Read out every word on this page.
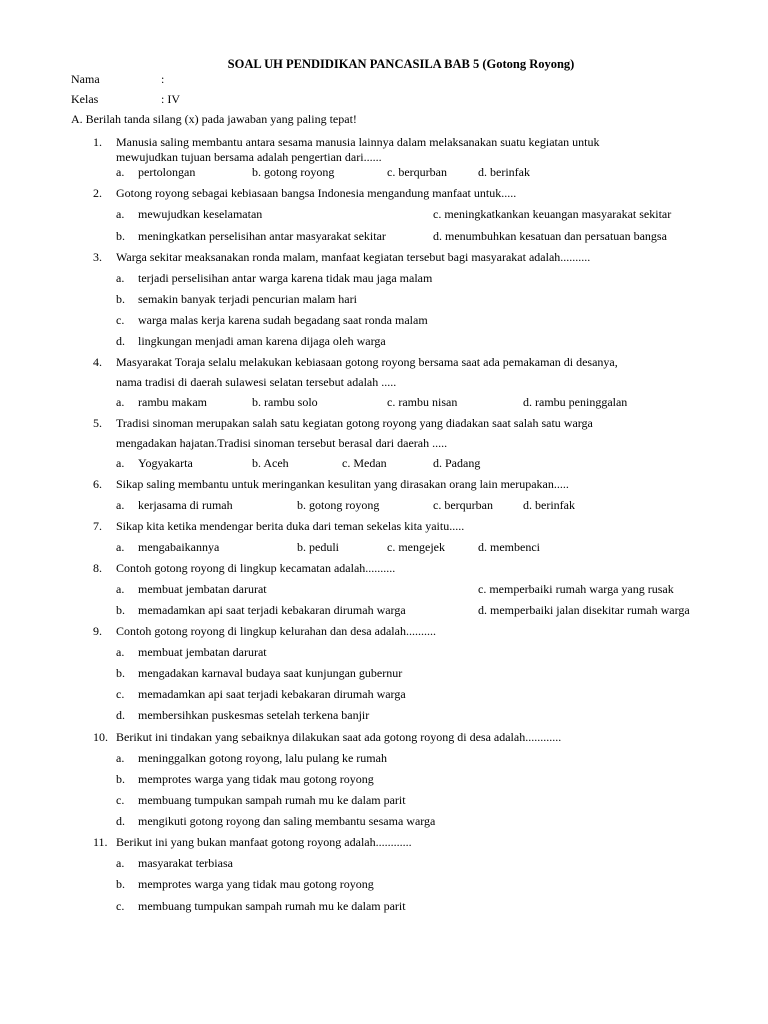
SOAL UH PENDIDIKAN PANCASILA BAB 5 (Gotong Royong)
Nama	:
Kelas	: IV
A. Berilah tanda silang (x) pada jawaban yang paling tepat!
1.	Manusia saling membantu antara sesama manusia lainnya dalam melaksanakan suatu kegiatan untuk
mewujudkan tujuan bersama adalah pengertian dari......
a. pertolongan	b. gotong royong	c. berqurban	d. berinfak
2.	Gotong royong sebagai kebiasaan bangsa Indonesia mengandung manfaat untuk.....
a. mewujudkan keselamatan	c. meningkatkankan keuangan masyarakat sekitar
b. meningkatkan perselisihan antar masyarakat sekitar	d. menumbuhkan kesatuan dan persatuan bangsa
3.	Warga sekitar meaksanakan ronda malam, manfaat kegiatan tersebut bagi masyarakat adalah..........
a. terjadi perselisihan antar warga karena tidak mau jaga malam
b. semakin banyak terjadi pencurian malam hari
c. warga malas kerja karena sudah begadang saat ronda malam
d. lingkungan menjadi aman karena dijaga oleh warga
4.	Masyarakat Toraja selalu melakukan kebiasaan gotong royong bersama saat ada pemakaman di desanya,
nama tradisi di daerah sulawesi selatan tersebut adalah .....
a. rambu makam	b. rambu solo	c. rambu nisan	d. rambu peninggalan
5.	Tradisi sinoman merupakan salah satu kegiatan gotong royong yang diadakan saat salah satu warga
mengadakan hajatan.Tradisi sinoman tersebut berasal dari daerah .....
a. Yogyakarta	b. Aceh	c. Medan	d. Padang
6.	Sikap saling membantu untuk meringankan kesulitan yang dirasakan orang lain merupakan.....
a. kerjasama di rumah	b. gotong royong	c. berqurban	d. berinfak
7.	Sikap kita ketika mendengar berita duka dari teman sekelas kita yaitu.....
a. mengabaikannya	b. peduli	c. mengejek	d. membenci
8.	Contoh gotong royong di lingkup kecamatan adalah..........
a. membuat jembatan darurat	c. memperbaiki rumah warga yang rusak
b. memadamkan api saat terjadi kebakaran dirumah warga	d. memperbaiki jalan disekitar rumah warga
9.	Contoh gotong royong di lingkup kelurahan dan desa adalah..........
a. membuat jembatan darurat
b. mengadakan karnaval budaya saat kunjungan gubernur
c. memadamkan api saat terjadi kebakaran dirumah warga
d. membersihkan puskesmas setelah terkena banjir
10. Berikut ini tindakan yang sebaiknya dilakukan saat ada gotong royong di desa adalah............
a. meninggalkan gotong royong, lalu pulang ke rumah
b. memprotes warga yang tidak mau gotong royong
c. membuang tumpukan sampah rumah mu ke dalam parit
d. mengikuti gotong royong dan saling membantu sesama warga
11. Berikut ini yang bukan manfaat gotong royong adalah............
a. masyarakat terbiasa
b. memprotes warga yang tidak mau gotong royong
c. membuang tumpukan sampah rumah mu ke dalam parit
